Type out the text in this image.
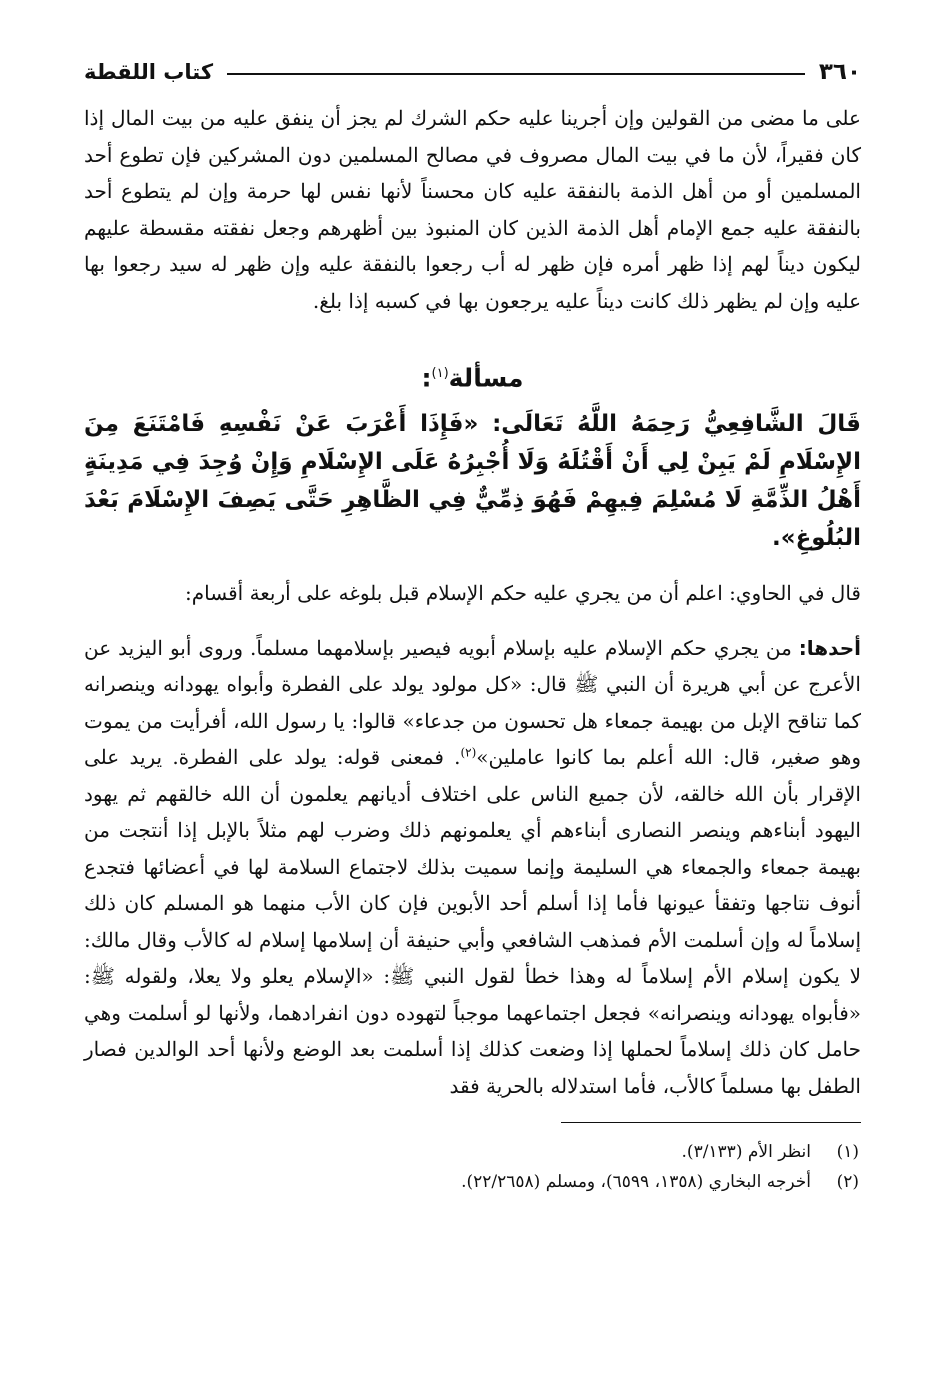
٣٦٠
كتاب اللقطة

على ما مضى من القولين وإن أجرينا عليه حكم الشرك لم يجز أن ينفق عليه من بيت المال إذا كان فقيراً، لأن ما في بيت المال مصروف في مصالح المسلمين دون المشركين فإن تطوع أحد المسلمين أو من أهل الذمة بالنفقة عليه كان محسناً لأنها نفس لها حرمة وإن لم يتطوع أحد بالنفقة عليه جمع الإمام أهل الذمة الذين كان المنبوذ بين أظهرهم وجعل نفقته مقسطة عليهم ليكون ديناً لهم إذا ظهر أمره فإن ظهر له أب رجعوا بالنفقة عليه وإن ظهر له سيد رجعوا بها عليه وإن لم يظهر ذلك كانت ديناً عليه يرجعون بها في كسبه إذا بلغ.

مسألة$^{(١)}$:

قَالَ الشَّافِعِيُّ رَحِمَهُ اللَّهُ تَعَالَى: «فَإِذَا أَعْرَبَ عَنْ نَفْسِهِ فَامْتَنَعَ مِنَ الإِسْلَامِ لَمْ يَبِنْ لِي أَنْ أَقْتُلَهُ وَلَا أُجْبِرُهُ عَلَى الإِسْلَامِ وَإِنْ وُجِدَ فِي مَدِينَةٍ أَهْلُ الذِّمَّةِ لَا مُسْلِمَ فِيهِمْ فَهُوَ ذِمِّيٌّ فِي الظَّاهِرِ حَتَّى يَصِفَ الإِسْلَامَ بَعْدَ البُلُوغِ».

قال في الحاوي: اعلم أن من يجري عليه حكم الإسلام قبل بلوغه على أربعة أقسام:

أحدها: من يجري حكم الإسلام عليه بإسلام أبويه فيصير بإسلامهما مسلماً. وروى أبو اليزيد عن الأعرج عن أبي هريرة أن النبي ﷺ قال: «كل مولود يولد على الفطرة وأبواه يهودانه وينصرانه كما تناقح الإبل من بهيمة جمعاء هل تحسون من جدعاء» قالوا: يا رسول الله، أفرأيت من يموت وهو صغير، قال: الله أعلم بما كانوا عاملين»$^{(٢)}$. فمعنى قوله: يولد على الفطرة. يريد على الإقرار بأن الله خالقه، لأن جميع الناس على اختلاف أديانهم يعلمون أن الله خالقهم ثم يهود اليهود أبناءهم وينصر النصارى أبناءهم أي يعلمونهم ذلك وضرب لهم مثلاً بالإبل إذا أنتجت من بهيمة جمعاء والجمعاء هي السليمة وإنما سميت بذلك لاجتماع السلامة لها في أعضائها فتجدع أنوف نتاجها وتفقأ عيونها فأما إذا أسلم أحد الأبوين فإن كان الأب منهما هو المسلم كان ذلك إسلاماً له وإن أسلمت الأم فمذهب الشافعي وأبي حنيفة أن إسلامها إسلام له كالأب وقال مالك: لا يكون إسلام الأم إسلاماً له وهذا خطأ لقول النبي ﷺ: «الإسلام يعلو ولا يعلا، ولقوله ﷺ: «فأبواه يهودانه وينصرانه» فجعل اجتماعهما موجباً لتهوده دون انفرادهما، ولأنها لو أسلمت وهي حامل كان ذلك إسلاماً لحملها إذا وضعت كذلك إذا أسلمت بعد الوضع ولأنها أحد الوالدين فصار الطفل بها مسلماً كالأب، فأما استدلاله بالحرية فقد

(١)
انظر الأم (٣/١٣٣).
(٢)
أخرجه البخاري (١٣٥٨، ٦٥٩٩)، ومسلم (٢٢/٢٦٥٨).
